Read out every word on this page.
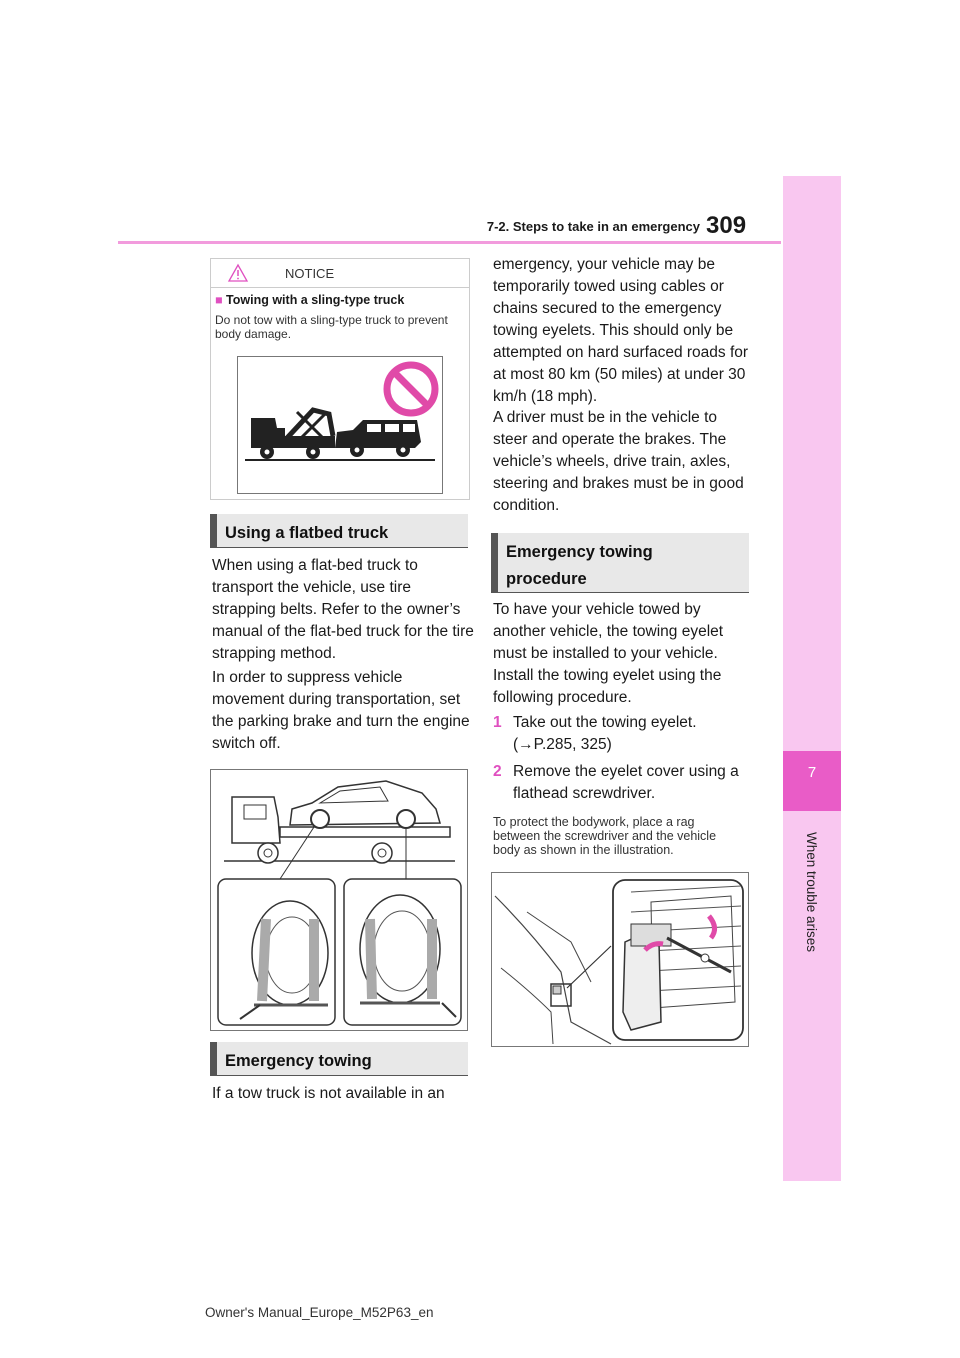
7
When trouble arises
7-2. Steps to take in an emergency 309
NOTICE
■ Towing with a sling-type truck
Do not tow with a sling-type truck to prevent body damage.
Using a flatbed truck

When using a flat-bed truck to transport the vehicle, use tire strapping belts. Refer to the owner’s manual of the flat-bed truck for the tire strapping method.

In order to suppress vehicle movement during transportation, set the parking brake and turn the engine switch off.

Emergency towing

If a tow truck is not available in an

emergency, your vehicle may be temporarily towed using cables or chains secured to the emergency towing eyelets. This should only be attempted on hard surfaced roads for at most 80 km (50 miles) at under 30 km/h (18 mph).

A driver must be in the vehicle to steer and operate the brakes. The vehicle’s wheels, drive train, axles, steering and brakes must be in good condition.

Emergency towing procedure

To have your vehicle towed by another vehicle, the towing eyelet must be installed to your vehicle. Install the towing eyelet using the following procedure.

1 Take out the towing eyelet. (→P.285, 325)
2 Remove the eyelet cover using a flathead screwdriver.

To protect the bodywork, place a rag between the screwdriver and the vehicle body as shown in the illustration.

Owner's Manual_Europe_M52P63_en
